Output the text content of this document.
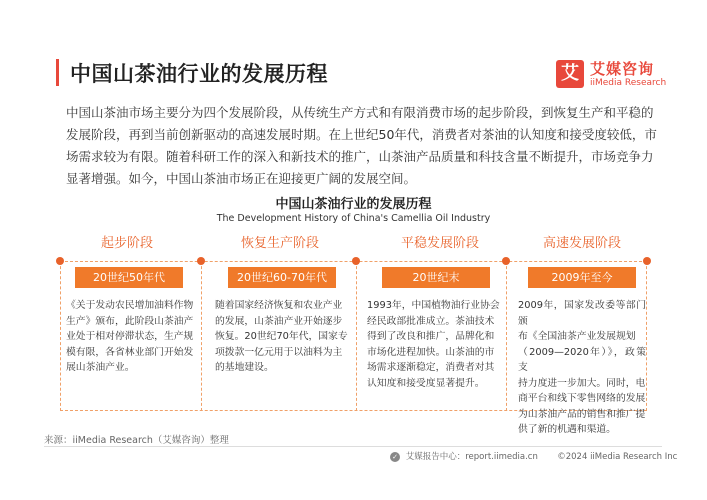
中国山茶油行业的发展历程	艾 艾媒咨询
iiMedia Research
中国山茶油市场主要分为四个发展阶段，从传统生产方式和有限消费市场的起步阶段，到恢复生产和平稳的
发展阶段，再到当前创新驱动的高速发展时期。在上世纪50年代，消费者对茶油的认知度和接受度较低，市
场需求较为有限。随着科研工作的深入和新技术的推广，山茶油产品质量和科技含量不断提升，市场竞争力
显著增强。如今，中国山茶油市场正在迎接更广阔的发展空间。
中国山茶油行业的发展历程
The Development History of China's Camellia Oil Industry
起步阶段	恢复生产阶段	平稳发展阶段	高速发展阶段
20世纪50年代	20世纪60-70年代	20世纪末	2009年至今
《关于发动农民增加油料作物
生产》颁布，此阶段山茶油产
业处于相对停滞状态，生产规
模有限，各省林业部门开始发
展山茶油产业。
随着国家经济恢复和农业产业
的发展，山茶油产业开始逐步
恢复。20世纪70年代，国家专
项拨款一亿元用于以油料为主
的基地建设。
1993年，中国植物油行业协会
经民政部批准成立。茶油技术
得到了改良和推广，品牌化和
市场化进程加快。山茶油的市
场需求逐渐稳定，消费者对其
认知度和接受度显著提升。
2009年，国家发改委等部门颁
布《全国油茶产业发展规划
（2009—2020年）》，政策支
持力度进一步加大。同时，电
商平台和线下零售网络的发展
为山茶油产品的销售和推广提
供了新的机遇和渠道。
来源：iiMedia Research（艾媒咨询）整理
✓ 艾媒报告中心：report.iimedia.cn ©2024 iiMedia Research Inc
